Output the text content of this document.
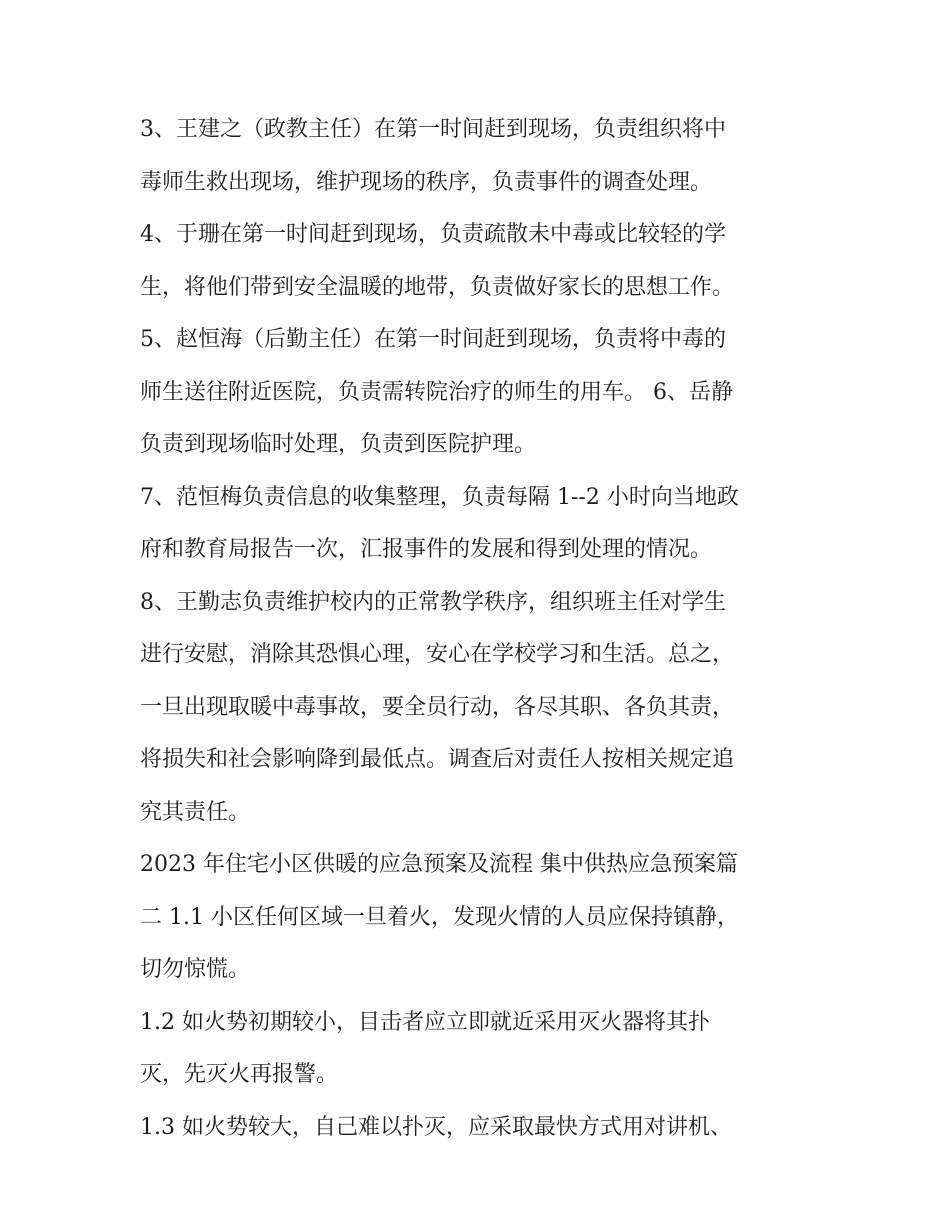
3、王建之（政教主任）在第一时间赶到现场，负责组织将中
毒师生救出现场，维护现场的秩序，负责事件的调查处理。
4、于珊在第一时间赶到现场，负责疏散未中毒或比较轻的学
生，将他们带到安全温暖的地带，负责做好家长的思想工作。
5、赵恒海（后勤主任）在第一时间赶到现场，负责将中毒的
师生送往附近医院，负责需转院治疗的师生的用车。 6、岳静
负责到现场临时处理，负责到医院护理。
7、范恒梅负责信息的收集整理，负责每隔 1--2 小时向当地政
府和教育局报告一次，汇报事件的发展和得到处理的情况。
8、王勤志负责维护校内的正常教学秩序，组织班主任对学生
进行安慰，消除其恐惧心理，安心在学校学习和生活。总之，
一旦出现取暖中毒事故，要全员行动，各尽其职、各负其责，
将损失和社会影响降到最低点。调查后对责任人按相关规定追
究其责任。
2023 年住宅小区供暖的应急预案及流程 集中供热应急预案篇
二 1.1 小区任何区域一旦着火，发现火情的人员应保持镇静，
切勿惊慌。
1.2 如火势初期较小，目击者应立即就近采用灭火器将其扑
灭，先灭火再报警。
1.3 如火势较大，自己难以扑灭，应采取最快方式用对讲机、
